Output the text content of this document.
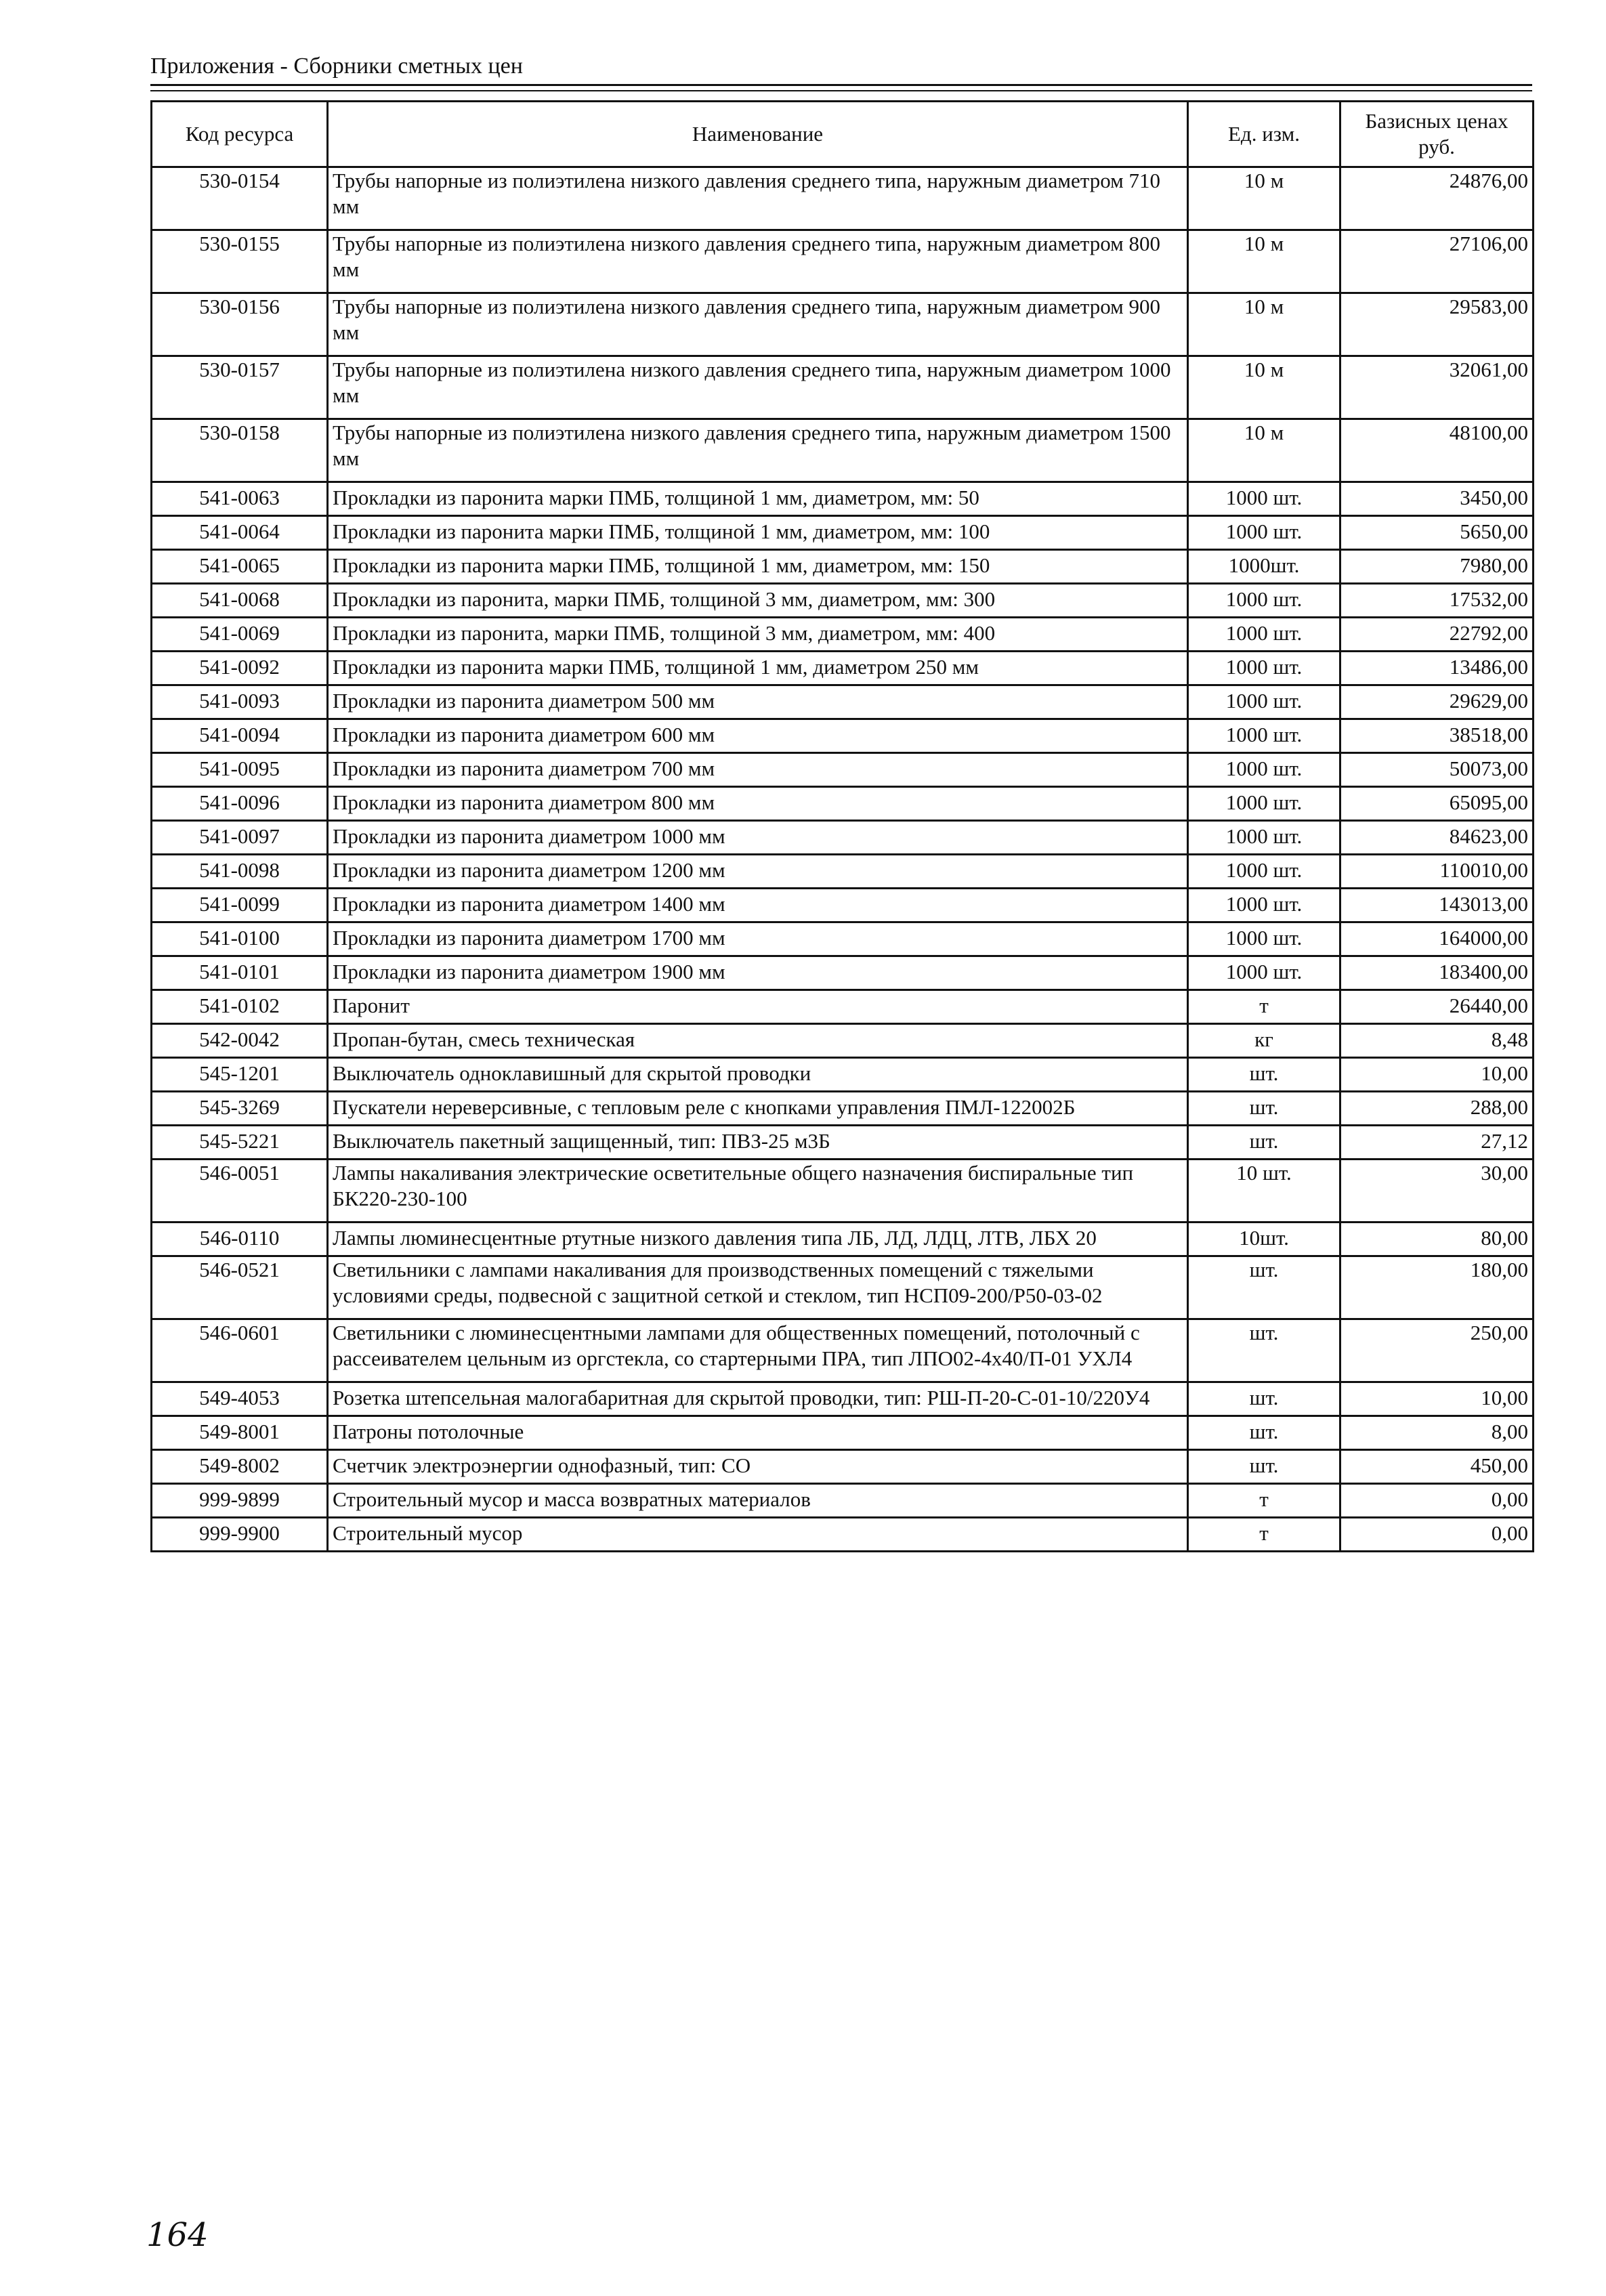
Приложения - Сборники сметных цен
Код ресурса	Наименование	Ед. изм.	Базисных ценах руб.
530-0154	Трубы напорные из полиэтилена низкого давления среднего типа, наружным диаметром 710 мм	10 м	24876,00
530-0155	Трубы напорные из полиэтилена низкого давления среднего типа, наружным диаметром 800 мм	10 м	27106,00
530-0156	Трубы напорные из полиэтилена низкого давления среднего типа, наружным диаметром 900 мм	10 м	29583,00
530-0157	Трубы напорные из полиэтилена низкого давления среднего типа, наружным диаметром 1000 мм	10 м	32061,00
530-0158	Трубы напорные из полиэтилена низкого давления среднего типа, наружным диаметром 1500 мм	10 м	48100,00
541-0063	Прокладки из паронита марки ПМБ, толщиной 1 мм, диаметром, мм: 50	1000 шт.	3450,00
541-0064	Прокладки из паронита марки ПМБ, толщиной 1 мм, диаметром, мм: 100	1000 шт.	5650,00
541-0065	Прокладки из паронита марки ПМБ, толщиной 1 мм, диаметром, мм: 150	1000шт.	7980,00
541-0068	Прокладки из паронита, марки ПМБ, толщиной 3 мм, диаметром, мм: 300	1000 шт.	17532,00
541-0069	Прокладки из паронита, марки ПМБ, толщиной 3 мм, диаметром, мм: 400	1000 шт.	22792,00
541-0092	Прокладки из паронита марки ПМБ, толщиной 1 мм, диаметром 250 мм	1000 шт.	13486,00
541-0093	Прокладки из паронита диаметром 500 мм	1000 шт.	29629,00
541-0094	Прокладки из паронита диаметром 600 мм	1000 шт.	38518,00
541-0095	Прокладки из паронита диаметром 700 мм	1000 шт.	50073,00
541-0096	Прокладки из паронита диаметром 800 мм	1000 шт.	65095,00
541-0097	Прокладки из паронита диаметром 1000 мм	1000 шт.	84623,00
541-0098	Прокладки из паронита диаметром 1200 мм	1000 шт.	110010,00
541-0099	Прокладки из паронита диаметром 1400 мм	1000 шт.	143013,00
541-0100	Прокладки из паронита диаметром 1700 мм	1000 шт.	164000,00
541-0101	Прокладки из паронита диаметром 1900 мм	1000 шт.	183400,00
541-0102	Паронит	т	26440,00
542-0042	Пропан-бутан, смесь техническая	кг	8,48
545-1201	Выключатель одноклавишный для скрытой проводки	шт.	10,00
545-3269	Пускатели нереверсивные, с тепловым реле с кнопками управления ПМЛ-122002Б	шт.	288,00
545-5221	Выключатель пакетный защищенный, тип: ПВЗ-25 м3Б	шт.	27,12
546-0051	Лампы накаливания электрические осветительные общего назначения биспиральные тип БК220-230-100	10 шт.	30,00
546-0110	Лампы люминесцентные ртутные низкого давления типа ЛБ, ЛД, ЛДЦ, ЛТВ, ЛБХ 20	10шт.	80,00
546-0521	Светильники с лампами накаливания для производственных помещений с тяжелыми условиями среды, подвесной с защитной сеткой и стеклом, тип НСП09-200/Р50-03-02	шт.	180,00
546-0601	Светильники с люминесцентными лампами для общественных помещений, потолочный с рассеивателем цельным из оргстекла, со стартерными ПРА, тип ЛПО02-4x40/П-01 УХЛ4	шт.	250,00
549-4053	Розетка штепсельная малогабаритная для скрытой проводки, тип: РШ-П-20-С-01-10/220У4	шт.	10,00
549-8001	Патроны потолочные	шт.	8,00
549-8002	Счетчик электроэнергии однофазный, тип: СО	шт.	450,00
999-9899	Строительный мусор и масса возвратных материалов	т	0,00
999-9900	Строительный мусор	т	0,00
164
